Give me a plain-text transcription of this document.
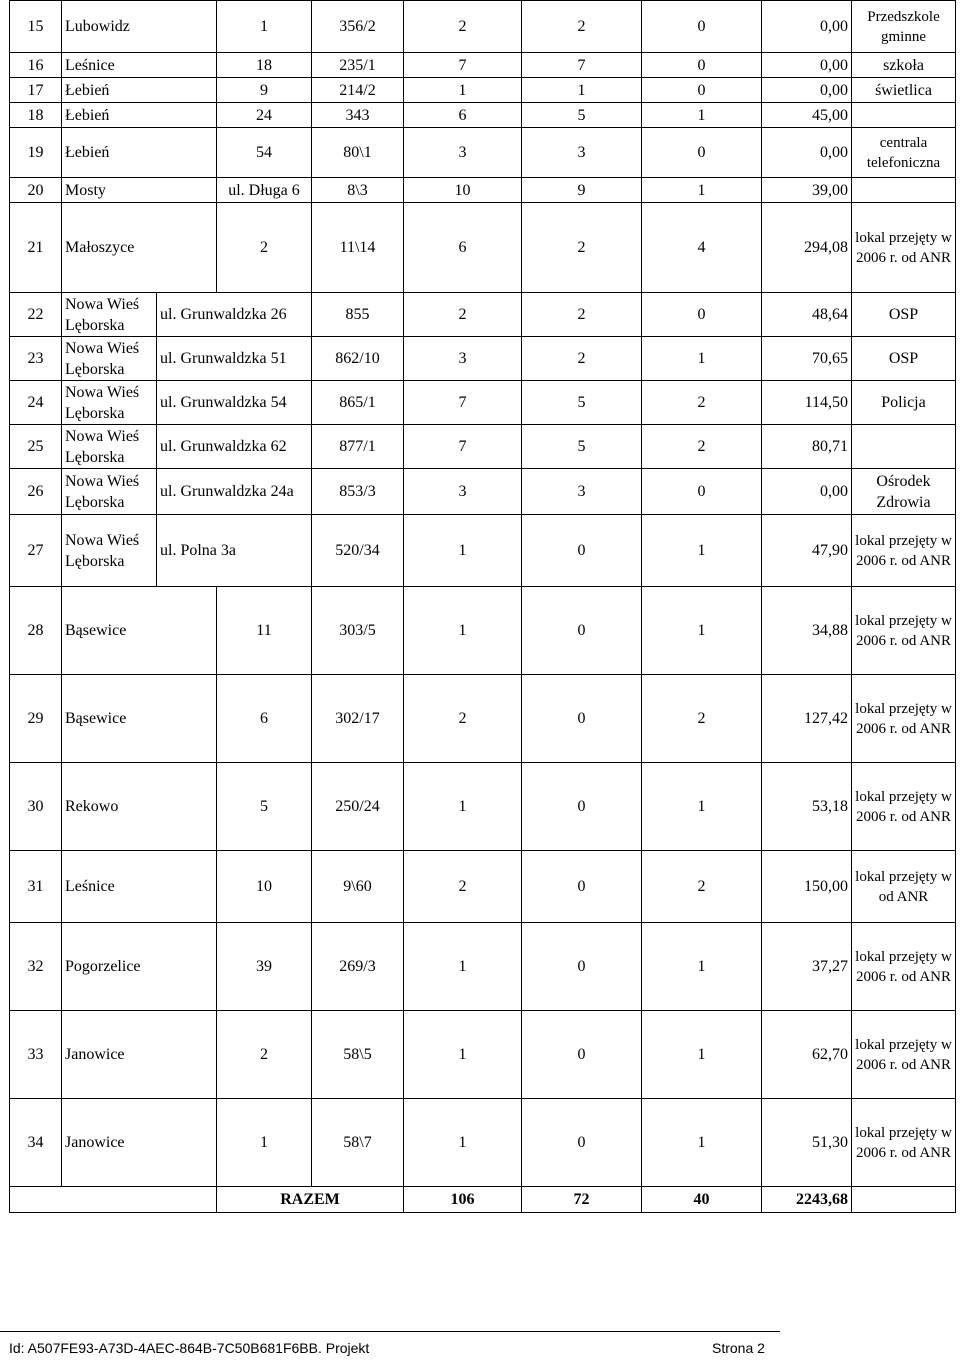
15	Lubowidz		1	356/2	2	2	0	0,00	Przedszkole gminne
16	Leśnice		18	235/1	7	7	0	0,00	szkoła
17	Łebień		9	214/2	1	1	0	0,00	świetlica
18	Łebień		24	343	6	5	1	45,00	
19	Łebień		54	80\1	3	3	0	0,00	centrala telefoniczna
20	Mosty		ul. Długa 6	8\3	10	9	1	39,00	
21	Małoszyce		2	11\14	6	2	4	294,08	lokal przejęty w 2006 r. od ANR
22	Nowa Wieś Lęborska	ul. Grunwaldzka 26		855	2	2	0	48,64	OSP
23	Nowa Wieś Lęborska	ul. Grunwaldzka 51		862/10	3	2	1	70,65	OSP
24	Nowa Wieś Lęborska	ul. Grunwaldzka 54		865/1	7	5	2	114,50	Policja
25	Nowa Wieś Lęborska	ul. Grunwaldzka 62		877/1	7	5	2	80,71	
26	Nowa Wieś Lęborska	ul. Grunwaldzka 24a		853/3	3	3	0	0,00	Ośrodek Zdrowia
27	Nowa Wieś Lęborska	ul. Polna 3a		520/34	1	0	1	47,90	lokal przejęty w 2006 r. od ANR
28	Bąsewice		11	303/5	1	0	1	34,88	lokal przejęty w 2006 r. od ANR
29	Bąsewice		6	302/17	2	0	2	127,42	lokal przejęty w 2006 r. od ANR
30	Rekowo		5	250/24	1	0	1	53,18	lokal przejęty w 2006 r. od ANR
31	Leśnice		10	9\60	2	0	2	150,00	lokal przejęty w od ANR
32	Pogorzelice		39	269/3	1	0	1	37,27	lokal przejęty w 2006 r. od ANR
33	Janowice		2	58\5	1	0	1	62,70	lokal przejęty w 2006 r. od ANR
34	Janowice		1	58\7	1	0	1	51,30	lokal przejęty w 2006 r. od ANR
			RAZEM		106	72	40	2243,68	
Id: A507FE93-A73D-4AEC-864B-7C50B681F6BB. Projekt	Strona 2
